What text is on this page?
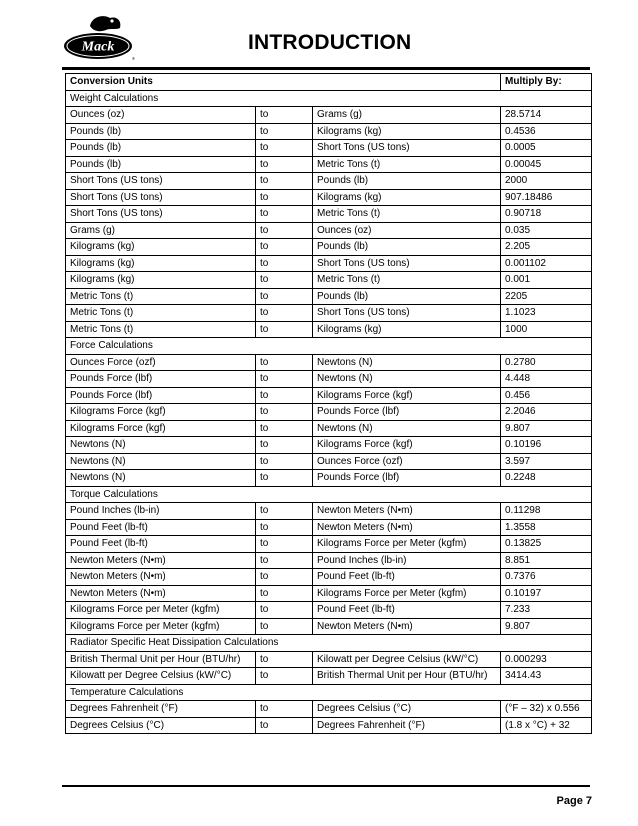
Mack
®
INTRODUCTION
Conversion Units			Multiply By:
Weight Calculations			
Ounces (oz)	to	Grams (g)	28.5714
Pounds (lb)	to	Kilograms (kg)	0.4536
Pounds (lb)	to	Short Tons (US tons)	0.0005
Pounds (lb)	to	Metric Tons (t)	0.00045
Short Tons (US tons)	to	Pounds (lb)	2000
Short Tons (US tons)	to	Kilograms (kg)	907.18486
Short Tons (US tons)	to	Metric Tons (t)	0.90718
Grams (g)	to	Ounces (oz)	0.035
Kilograms (kg)	to	Pounds (lb)	2.205
Kilograms (kg)	to	Short Tons (US tons)	0.001102
Kilograms (kg)	to	Metric Tons (t)	0.001
Metric Tons (t)	to	Pounds (lb)	2205
Metric Tons (t)	to	Short Tons (US tons)	1.1023
Metric Tons (t)	to	Kilograms (kg)	1000
Force Calculations			
Ounces Force (ozf)	to	Newtons (N)	0.2780
Pounds Force (lbf)	to	Newtons (N)	4.448
Pounds Force (lbf)	to	Kilograms Force (kgf)	0.456
Kilograms Force (kgf)	to	Pounds Force (lbf)	2.2046
Kilograms Force (kgf)	to	Newtons (N)	9.807
Newtons (N)	to	Kilograms Force (kgf)	0.10196
Newtons (N)	to	Ounces Force (ozf)	3.597
Newtons (N)	to	Pounds Force (lbf)	0.2248
Torque Calculations			
Pound Inches (lb-in)	to	Newton Meters (N•m)	0.11298
Pound Feet (lb-ft)	to	Newton Meters (N•m)	1.3558
Pound Feet (lb-ft)	to	Kilograms Force per Meter (kgfm)	0.13825
Newton Meters (N•m)	to	Pound Inches (lb-in)	8.851
Newton Meters (N•m)	to	Pound Feet (lb-ft)	0.7376
Newton Meters (N•m)	to	Kilograms Force per Meter (kgfm)	0.10197
Kilograms Force per Meter (kgfm)	to	Pound Feet (lb-ft)	7.233
Kilograms Force per Meter (kgfm)	to	Newton Meters (N•m)	9.807
Radiator Specific Heat Dissipation Calculations			
British Thermal Unit per Hour (BTU/hr)	to	Kilowatt per Degree Celsius (kW/°C)	0.000293
Kilowatt per Degree Celsius (kW/°C)	to	British Thermal Unit per Hour (BTU/hr)	3414.43
Temperature Calculations			
Degrees Fahrenheit (°F)	to	Degrees Celsius (°C)	(°F – 32) x 0.556
Degrees Celsius (°C)	to	Degrees Fahrenheit (°F)	(1.8 x °C) + 32
Page 7
